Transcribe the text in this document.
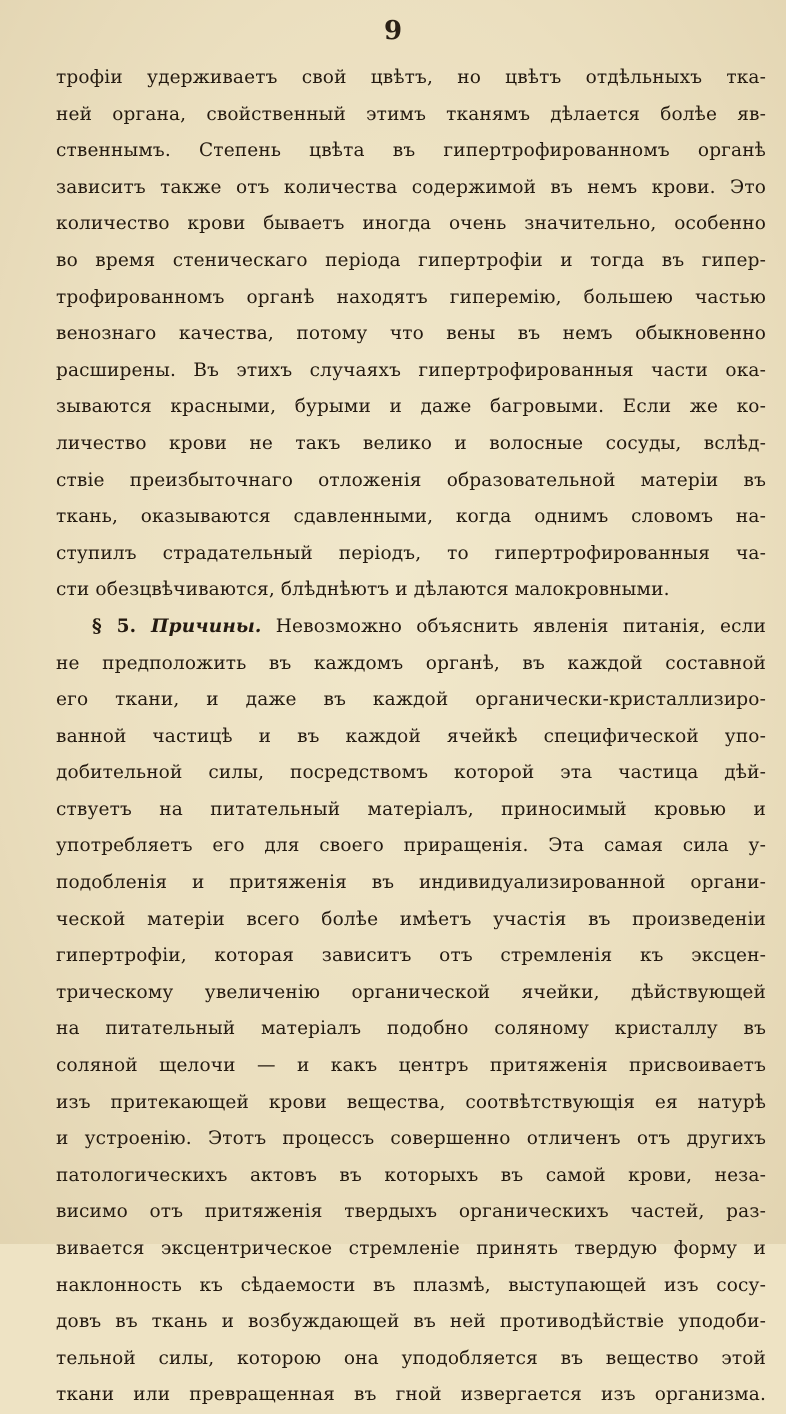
9
трофіи удерживаетъ свой цвѣтъ, но цвѣтъ отдѣльныхъ тка-
ней органа, свойственный этимъ тканямъ дѣлается болѣе яв-
ственнымъ. Степень цвѣта въ гипертрофированномъ органѣ
зависитъ также отъ количества содержимой въ немъ крови. Это
количество крови бываетъ иногда очень значительно, особенно
во время стеническаго періода гипертрофіи и тогда въ гипер-
трофированномъ органѣ находятъ гиперемію, большею частью
венознаго качества, потому что вены въ немъ обыкновенно
расширены. Въ этихъ случаяхъ гипертрофированныя части ока-
зываются красными, бурыми и даже багровыми. Если же ко-
личество крови не такъ велико и волосные сосуды, вслѣд-
ствіе преизбыточнаго отложенія образовательной матеріи въ
ткань, оказываются сдавленными, когда однимъ словомъ на-
ступилъ страдательный періодъ, то гипертрофированныя ча-
сти обезцвѣчиваются, блѣднѣютъ и дѣлаются малокровными.
§ 5. Причины. Невозможно объяснить явленія питанія, если
не предположить въ каждомъ органѣ, въ каждой составной
его ткани, и даже въ каждой органически-кристаллизиро-
ванной частицѣ и въ каждой ячейкѣ специфической упо-
добительной силы, посредствомъ которой эта частица дѣй-
ствуетъ на питательный матеріалъ, приносимый кровью и
употребляетъ его для своего приращенія. Эта самая сила у-
подобленія и притяженія въ индивидуализированной органи-
ческой матеріи всего болѣе имѣетъ участія въ произведеніи
гипертрофіи, которая зависитъ отъ стремленія къ эксцен-
трическому увеличенію органической ячейки, дѣйствующей
на питательный матеріалъ подобно соляному кристаллу въ
соляной щелочи — и какъ центръ притяженія присвоиваетъ
изъ притекающей крови вещества, соотвѣтствующія ея натурѣ
и устроенію. Этотъ процессъ совершенно отличенъ отъ другихъ
патологическихъ актовъ въ которыхъ въ самой крови, неза-
висимо отъ притяженія твердыхъ органическихъ частей, раз-
вивается эксцентрическое стремленіе принять твердую форму и
наклонность къ сѣдаемости въ плазмѣ, выступающей изъ сосу-
довъ въ ткань и возбуждающей въ ней противодѣйствіе уподоби-
тельной силы, которою она уподобляется въ вещество этой
ткани или превращенная въ гной извергается изъ организма.
